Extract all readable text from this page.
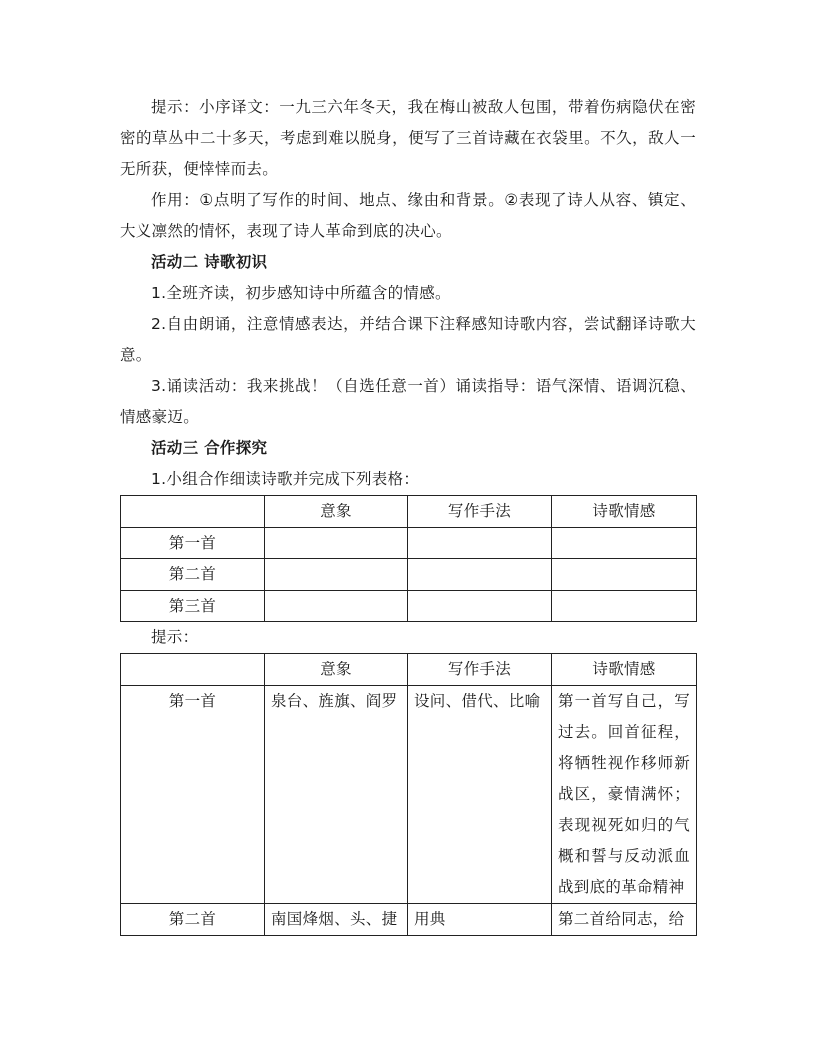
提示：小序译文：一九三六年冬天，我在梅山被敌人包围，带着伤病隐伏在密密的草丛中二十多天，考虑到难以脱身，便写了三首诗藏在衣袋里。不久，敌人一无所获，便悻悻而去。

作用：①点明了写作的时间、地点、缘由和背景。②表现了诗人从容、镇定、大义凛然的情怀，表现了诗人革命到底的决心。

活动二 诗歌初识

1.全班齐读，初步感知诗中所蕴含的情感。

2.自由朗诵，注意情感表达，并结合课下注释感知诗歌内容，尝试翻译诗歌大意。

3.诵读活动：我来挑战！（自选任意一首）诵读指导：语气深情、语调沉稳、情感豪迈。

活动三 合作探究

1.小组合作细读诗歌并完成下列表格：

	意象	写作手法	诗歌情感
第一首			
第二首			
第三首			

提示：

	意象	写作手法	诗歌情感
第一首	泉台、旌旗、阎罗	设问、借代、比喻	第一首写自己，写过去。回首征程，将牺牲视作移师新战区，豪情满怀；表现视死如归的气概和誓与反动派血战到底的革命精神
第二首	南国烽烟、头、捷	用典	第二首给同志，给
